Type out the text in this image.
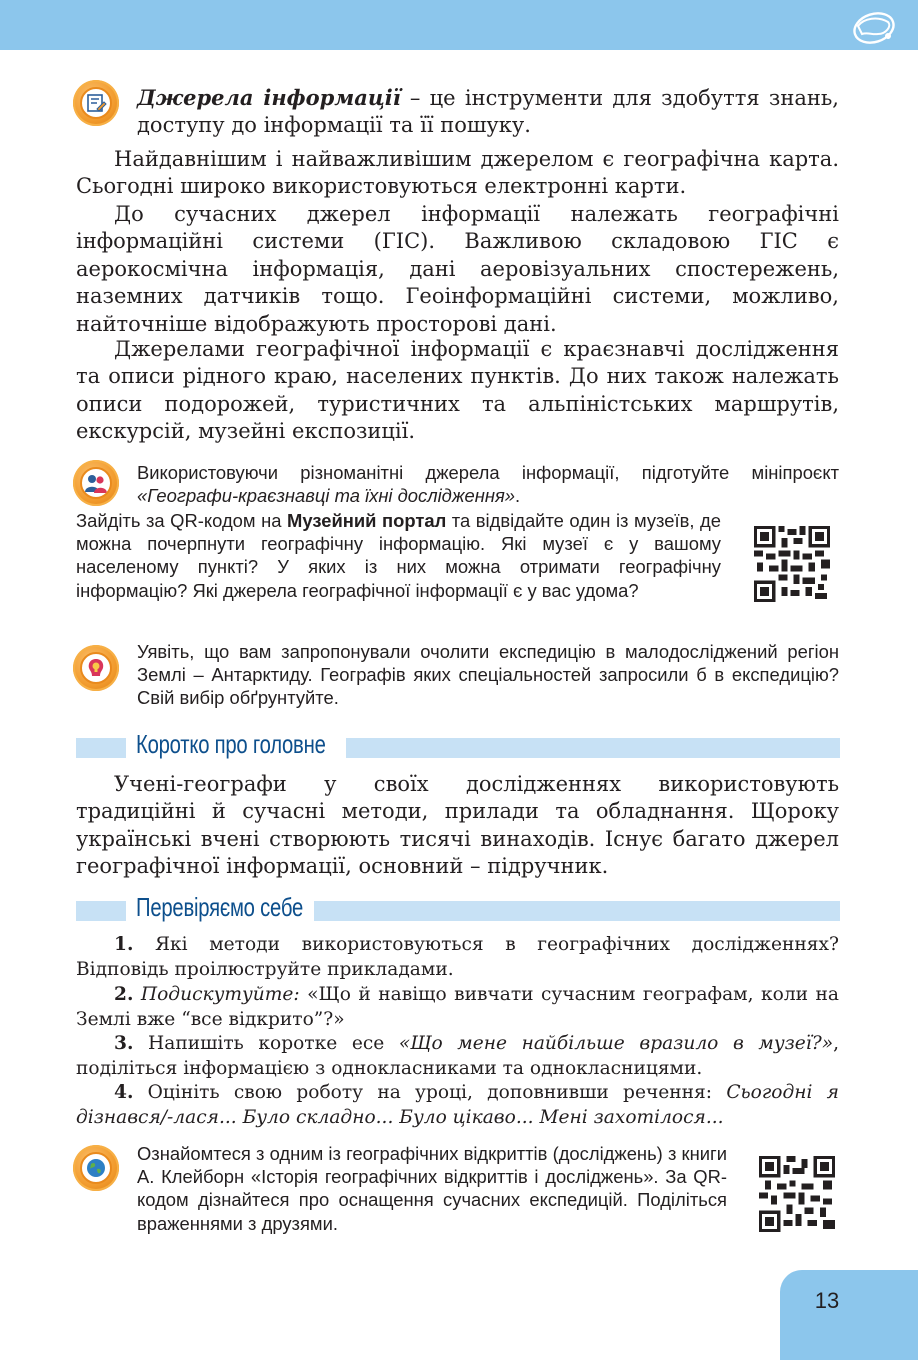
Джерела інформації – це інструменти для здобуття знань, доступу до інформації та її пошуку.

Найдавнішим і найважливішим джерелом є географічна карта. Сьогодні широко використовуються електронні карти.

До сучасних джерел інформації належать географічні інформаційні системи (ГІС). Важливою складовою ГІС є аерокосмічна інформація, дані аеровізуальних спостережень, наземних датчиків тощо. Геоінформаційні системи, можливо, найточніше відображують просторові дані.

Джерелами географічної інформації є краєзнавчі дослідження та описи рідного краю, населених пунктів. До них також належать описи подорожей, туристичних та альпіністських маршрутів, екскурсій, музейні експозиції.

Використовуючи різноманітні джерела інформації, підготуйте мініпроєкт «Географи-краєзнавці та їхні дослідження».

Зайдіть за QR-кодом на Музейний портал та відвідайте один із музеїв, де можна почерпнути географічну інформацію. Які музеї є у вашому населеному пункті? У яких із них можна отримати географічну інформацію? Які джерела географічної інформації є у вас удома?

Уявіть, що вам запропонували очолити експедицію в малодосліджений регіон Землі – Антарктиду. Географів яких спеціальностей запросили б в експедицію? Свій вибір обґрунтуйте.

Коротко про головне

Учені-географи у своїх дослідженнях використовують традиційні й сучасні методи, прилади та обладнання. Щороку українські вчені створюють тисячі винаходів. Існує багато джерел географічної інформації, основний – підручник.

Перевіряємо себе

1. Які методи використовуються в географічних дослідженнях? Відповідь проілюструйте прикладами.

2. Подискутуйте: «Що й навіщо вивчати сучасним географам, коли на Землі вже “все відкрито”?»

3. Напишіть коротке есе «Що мене найбільше вразило в музеї?», поділіться інформацією з однокласниками та однокласницями.

4. Оцініть свою роботу на уроці, доповнивши речення: Сьогодні я дізнався/-лася... Було складно... Було цікаво... Мені захотілося...

Ознайомтеся з одним із географічних відкриттів (досліджень) з книги А. Клейборн «Історія географічних відкриттів і досліджень». За QR-кодом дізнайтеся про оснащення сучасних експедицій. Поділіться враженнями з друзями.

13
